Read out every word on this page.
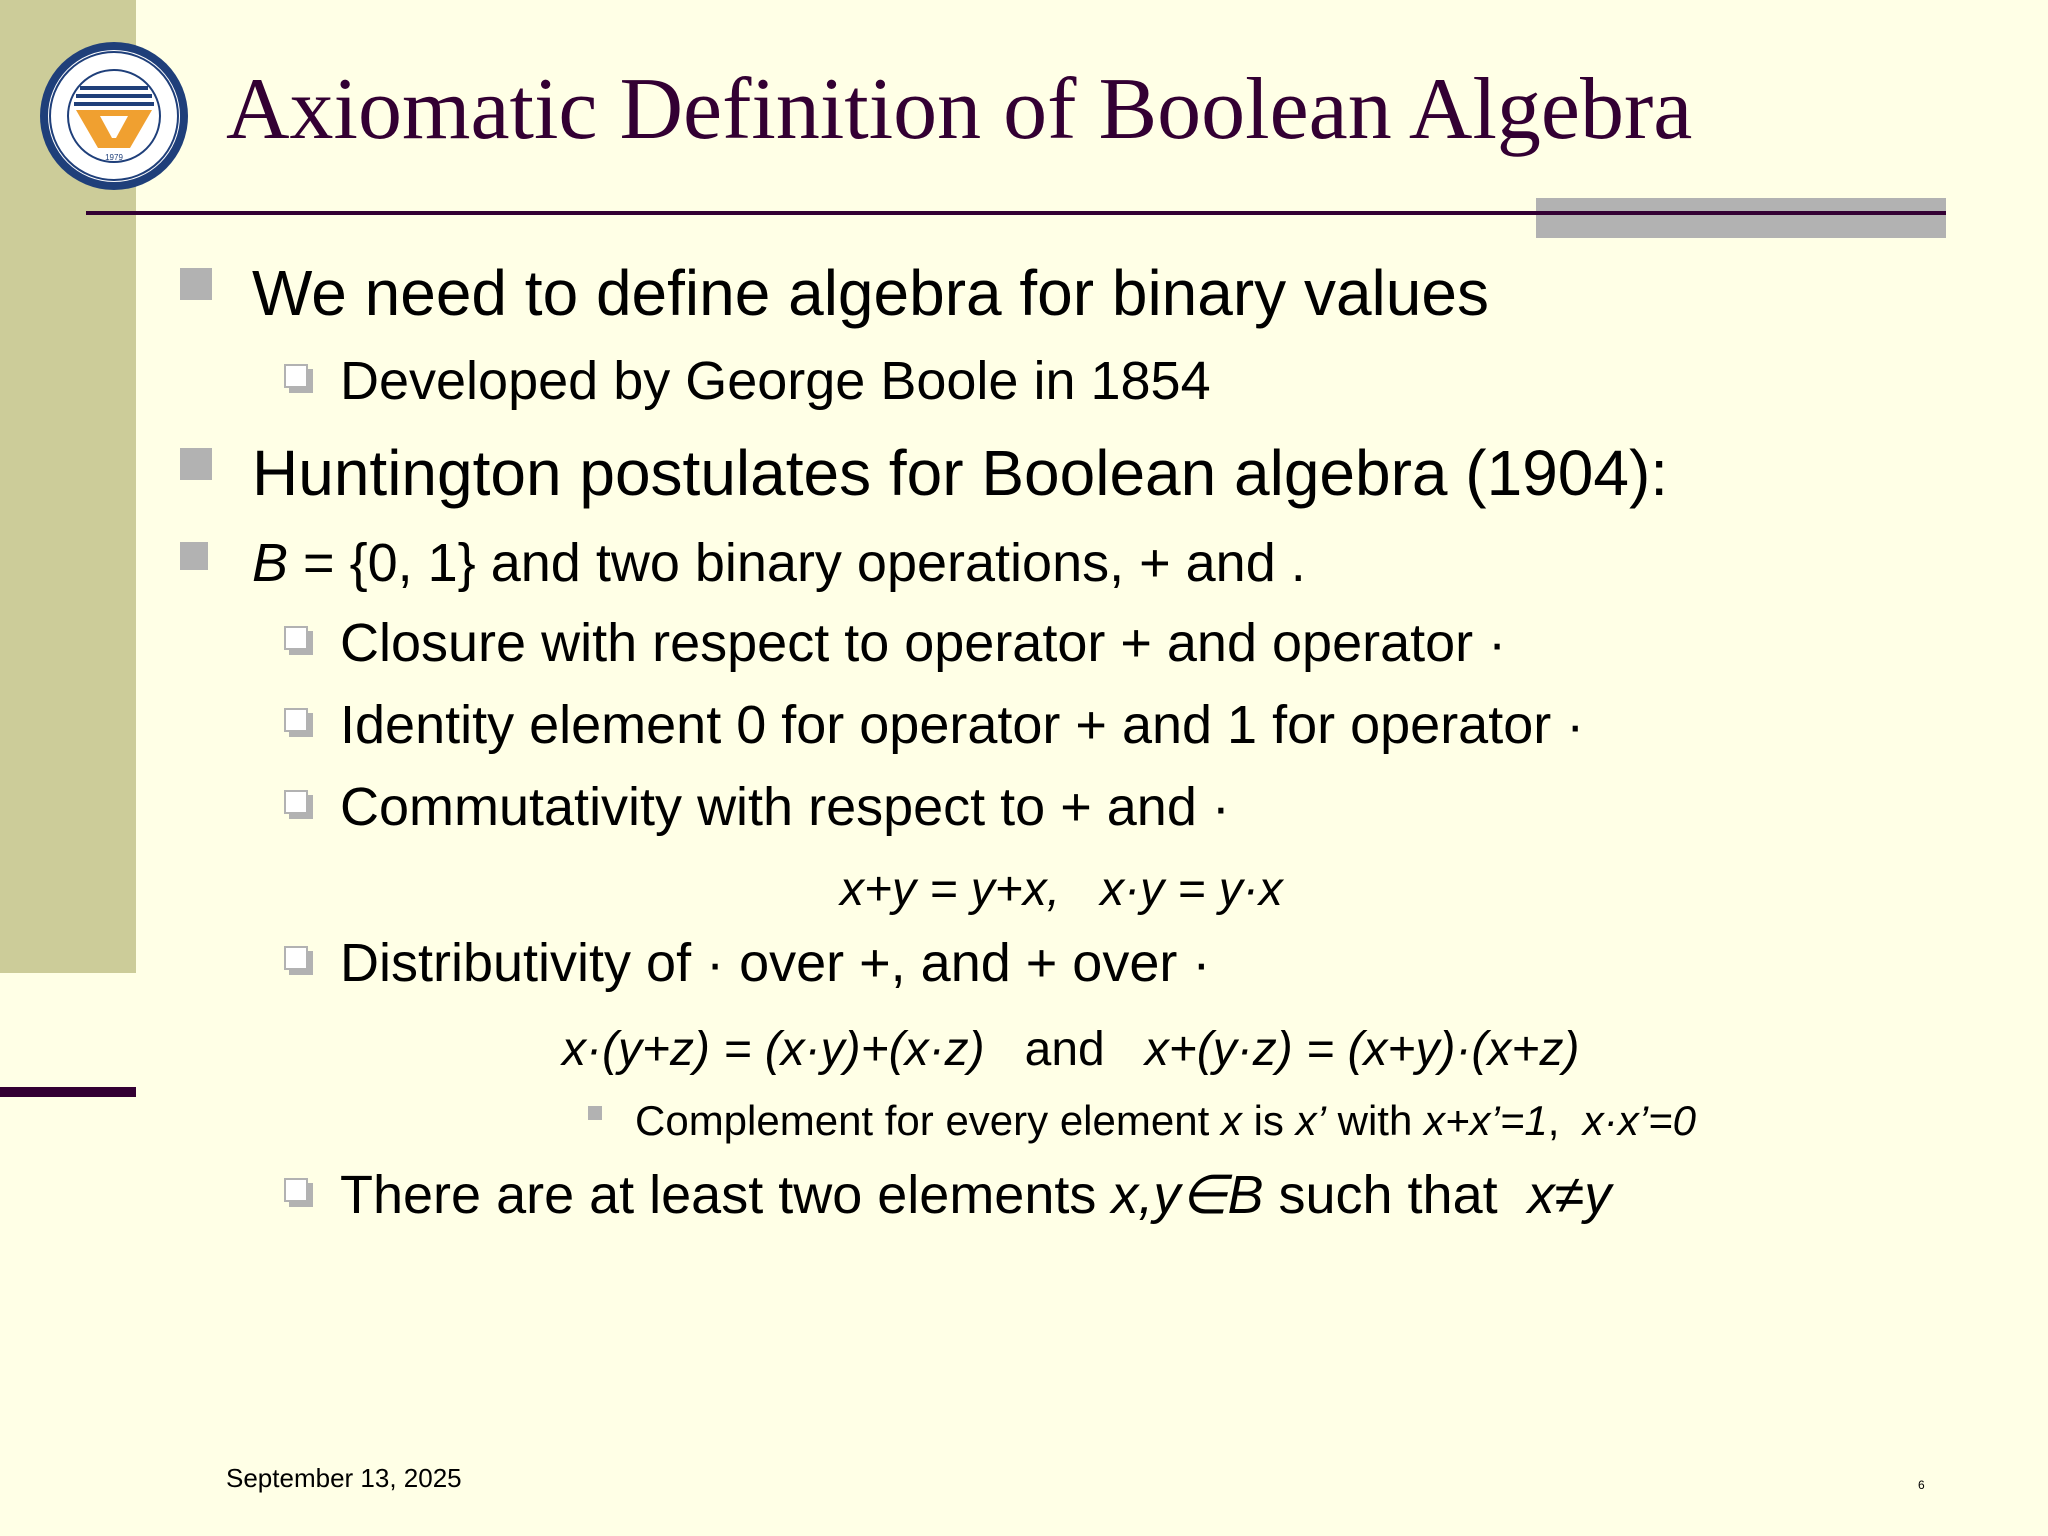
1979 Axiomatic Definition of Boolean Algebra
We need to define algebra for binary values
Developed by George Boole in 1854
Huntington postulates for Boolean algebra (1904):
B = {0, 1} and two binary operations, + and .
Closure with respect to operator + and operator ·
Identity element 0 for operator + and 1 for operator ·
Commutativity with respect to + and ·
x+y = y+x,   x·y = y·x
Distributivity of · over +, and + over ·
x·(y+z) = (x·y)+(x·z) and x+(y·z) = (x+y)·(x+z)
Complement for every element x is x’ with x+x’=1,  x·x’=0
There are at least two elements x,y∈B such that  x≠y
September 13, 2025	6
